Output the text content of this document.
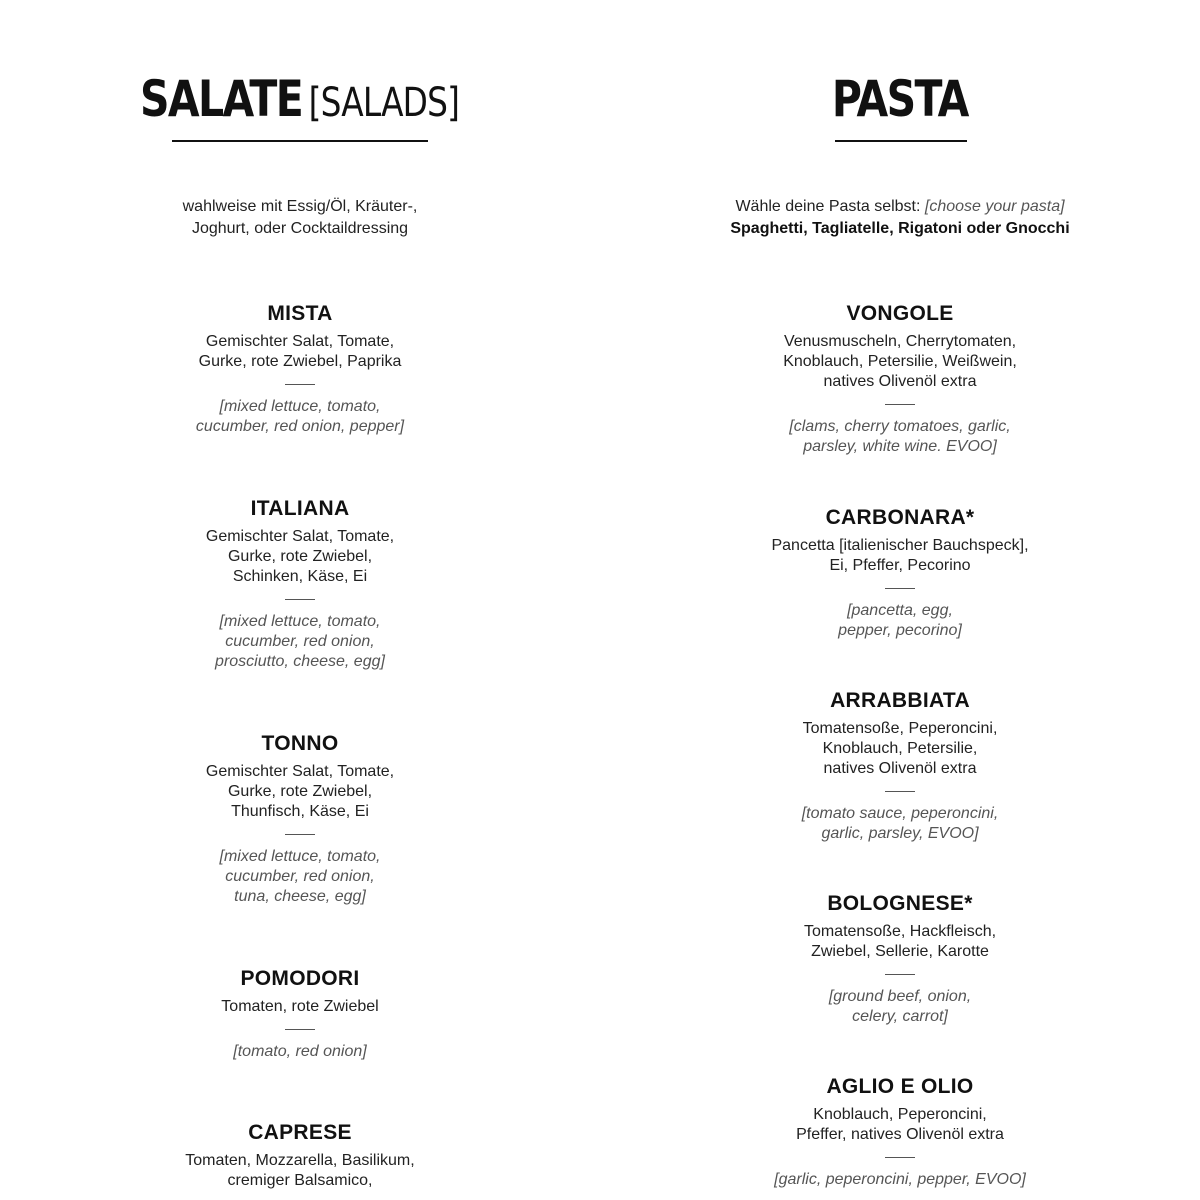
SALATE [SALADS]
wahlweise mit Essig/Öl, Kräuter-,
Joghurt, oder Cocktaildressing
MISTA
Gemischter Salat, Tomate,
Gurke, rote Zwiebel, Paprika
[mixed lettuce, tomato,
cucumber, red onion, pepper]
ITALIANA
Gemischter Salat, Tomate,
Gurke, rote Zwiebel,
Schinken, Käse, Ei
[mixed lettuce, tomato,
cucumber, red onion,
prosciutto, cheese, egg]
TONNO
Gemischter Salat, Tomate,
Gurke, rote Zwiebel,
Thunfisch, Käse, Ei
[mixed lettuce, tomato,
cucumber, red onion,
tuna, cheese, egg]
POMODORI
Tomaten, rote Zwiebel
[tomato, red onion]
CAPRESE
Tomaten, Mozzarella, Basilikum,
cremiger Balsamico,
PASTA
Wähle deine Pasta selbst: [choose your pasta]
Spaghetti, Tagliatelle, Rigatoni oder Gnocchi
VONGOLE
Venusmuscheln, Cherrytomaten,
Knoblauch, Petersilie, Weißwein,
natives Olivenöl extra
[clams, cherry tomatoes, garlic,
parsley, white wine. EVOO]
CARBONARA*
Pancetta [italienischer Bauchspeck],
Ei, Pfeffer, Pecorino
[pancetta, egg,
pepper, pecorino]
ARRABBIATA
Tomatensoße, Peperoncini,
Knoblauch, Petersilie,
natives Olivenöl extra
[tomato sauce, peperoncini,
garlic, parsley, EVOO]
BOLOGNESE*
Tomatensoße, Hackfleisch,
Zwiebel, Sellerie, Karotte
[ground beef, onion,
celery, carrot]
AGLIO E OLIO
Knoblauch, Peperoncini,
Pfeffer, natives Olivenöl extra
[garlic, peperoncini, pepper, EVOO]
